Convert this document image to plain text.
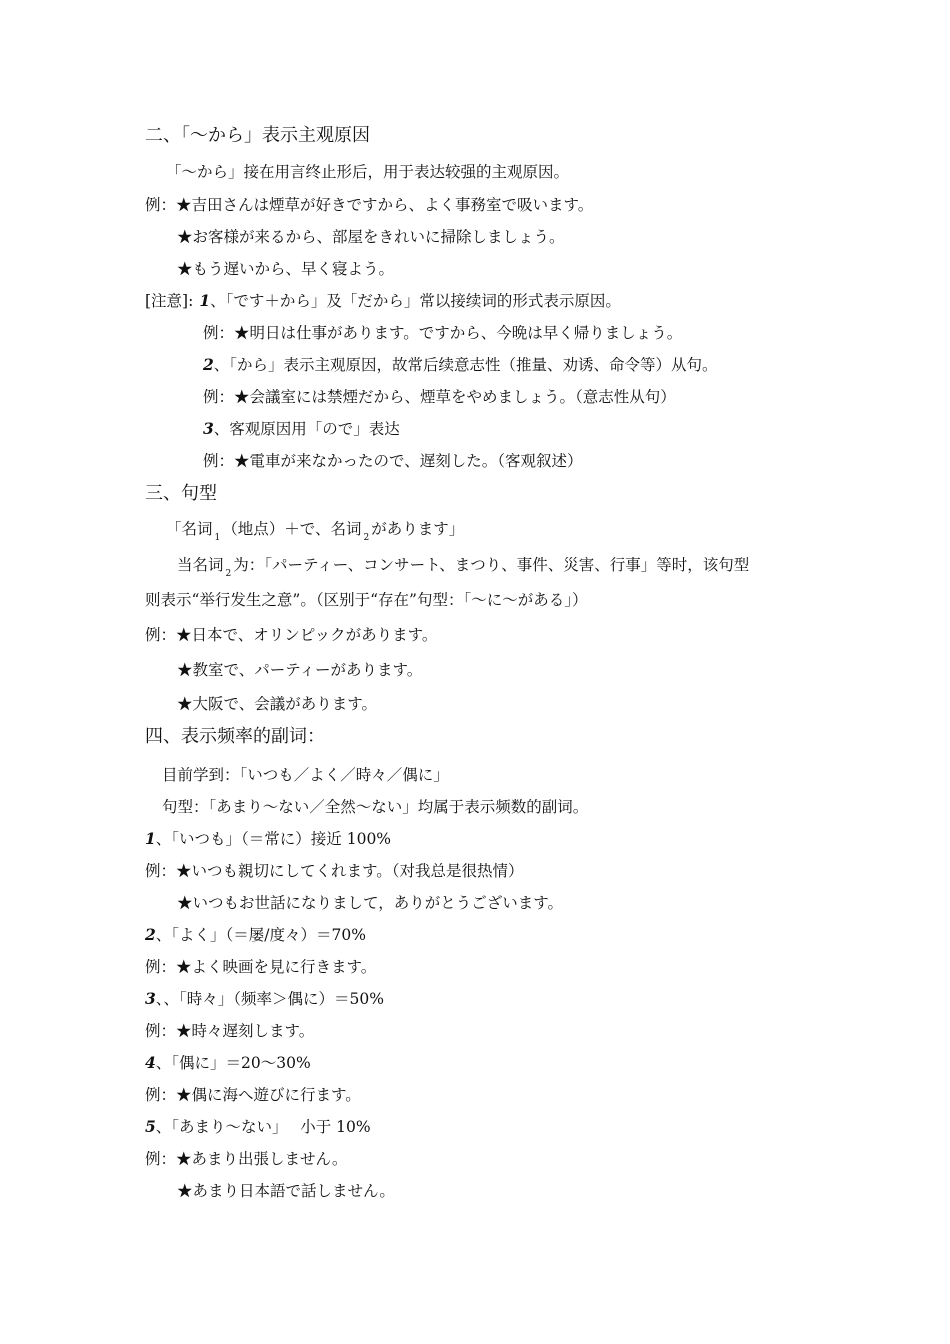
二、「〜から」表示主观原因
「〜から」接在用言终止形后，用于表达较强的主观原因。
例：★吉田さんは煙草が好きですから、よく事務室で吸います。
★お客様が来るから、部屋をきれいに掃除しましょう。
★もう遅いから、早く寝よう。
[注意]: 1、「です＋から」及「だから」常以接续词的形式表示原因。
例：★明日は仕事があります。ですから、今晩は早く帰りましょう。
2、「から」表示主观原因，故常后续意志性（推量、劝诱、命令等）从句。
例：★会議室には禁煙だから、煙草をやめましょう。（意志性从句）
3、客观原因用「ので」表达
例：★電車が来なかったので、遅刻した。（客观叙述）
三、句型
「名词 $_1$ （地点）＋で、名词 $_2$ があります」
当名词 $_2$ 为：「パーティー、コンサート、まつり、事件、災害、行事」等时，该句型
则表示“举行发生之意”。（区别于“存在”句型：「〜に〜がある」）
例：★日本で、オリンピックがあります。
★教室で、パーティーがあります。
★大阪で、会議があります。
四、表示频率的副词：
目前学到：「いつも／よく／時々／偶に」
句型：「あまり〜ない／全然〜ない」均属于表示频数的副词。
1、「いつも」（＝常に）接近 100%
例：★いつも親切にしてくれます。（对我总是很热情）
★いつもお世話になりまして，ありがとうございます。
2、「よく」（＝屡/度々）＝70%
例：★よく映画を見に行きます。
3、、「時々」（频率＞偶に）＝50%
例：★時々遅刻します。
4、「偶に」＝20〜30%
例：★偶に海へ遊びに行ます。
5、「あまり〜ない」　 小于 10%
例：★あまり出張しません。
★あまり日本語で話しません。
